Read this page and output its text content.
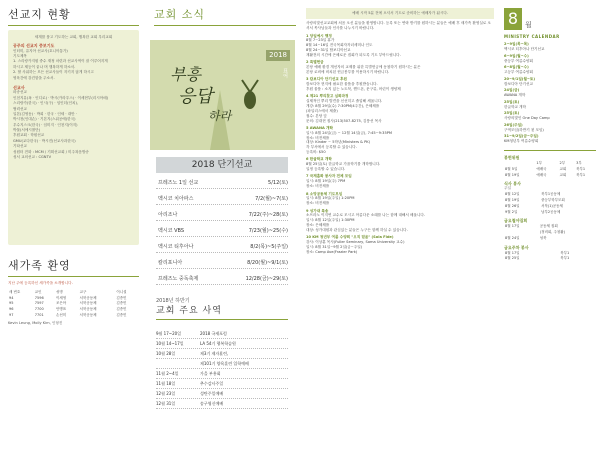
선교지 현황

세계를 품고 기도하는 교회, 행복한 교회 우리교회

공주의 선교지 중보기도
인터미, 유지아 선교사(호니아통가)
기도제목
1. 스리랑카지원 중수 재정 마련과 선교사역이 잘 이루어지게
하시고 제등이 끝나 며 행복하게 하소서.
2. 딸 사위하는 모든 선교사들이 지키지 않게 하시고
영육간에 강건함을 주소서.
선교사
파송선교
인천지유(폭 · 인디로) · 박시(카라우스) · 이세현부(리시아메)
스리랑카(한국) · 인시(구) · 임인더(인치),
협력선교
일본(김영동) · 박희 · 한국 · 인세 · 대만 ·
박시천(인대손) · 기본지(스위공에(한국)
우수지스크(한국) · 임미지 · 인천지(이지)
박물(서에시찰단)
후원교회 · 학원선교
GMU(교다한국) · 박시진(선교사과한국)
기타선교
성원터 전화 : MCM / 기획선교회 / 미주복음방송
성서 교의선교 : CGNTV
새가족 환영
지난 주에 등록하신 새가족을 소개합니다.
새 번호	교인	성명	교구	이니셜
94	7596	이세영	서북공동체	김종민
95	7597	조은아	서북공동체	김종민
96	7700	안병표	서북공동체	김종민
97	7701	손선미	서북공동체	김종민
Kevin Leung, Molly Kim, 인형진
교회 소식
부흥
응답
하라
2018
표어
2018 단기선교
프레즈노 1일 선교	5/12(토)
멕시코 치아파스	7/2(월)~7(토)
아리조나	7/22(주)~28(토)
멕시코 VBS	7/23(월)~25(수)
멕시코 티후아나	8/2(목)~5(주일)
칼리포니아	8/20(월)~9/1(토)
프레즈노 중독축제	12/28(금)~29(토)
2018년 하반기
교회 주요 사역
9월 17~20일	2018 국제포럼
10월 14~17일	LA 54기 행복학습원
10월 28일	제3기 제자훈련,
제101기 양육훈련 입학예배
11월 2~4일	가을 부흥회
11월 18일	추수감사주일
12월 23일	성탄주일예배
12월 31일	송구영신예배
예배 시작 5분 전에 오셔서 기도로 준비하는 예배자가 됩시다.

사랑의빛선교교회에 처음 오신 분들을 환영합니다. 등록 또는 연락 받기를 원하시는 분들은 예배 후 새가족 환영실로 오셔서 목사님들과 인사를 나누시기 바랍니다.

1 당일예시 행정
8월 7~23일 휴가
8월 14~16일 전국목회자자녀세미나 인도
8월 24~31일 합보디아선교
재활전의 시간에 은혜로운 집회가 되도록 기도 부탁드립니다.
2 특별헌금
본당 예배 환경 개선자의 교제를 위한 특별헌금에 동참하기 원하시는 분은
본당 로비에 비치된 헌금봉투를 이용하시기 바랍니다.
3 캄보디아 단기선교 후원
캄보디아 현지에 필요한 물품을 후원받습니다.
후원 물품 : 소지 있는 노트북, 핸드폰, 문구류, 어린이 생양제
4 제21 뿌리찾고 심화과정
실제적인 뿌리 발견을 신선히고 졸업해 세웁니다.
개강: 8월 29일(수) 7:30PM(4주간), 은혜채플
(파일리스에서 제출)
접수: 본당 앞
문의: 김대현 집사(213)507-8275, 김풍선 목사
5 AWANA 개학
일시: 8월 24일(금) ~ 12월 14일(금), 7:45~9:35PM
장소: 비전채플
대상: Kinder ~ 5학년(Ministers & PK)
각 부서에서 등록할 수 있습니다.
등록비: $50
6 한글학교 개학
8월 25일(토) 한글학교 가을학기를 개학합니다.
일정 등록할 수 있습니다.
7 국제흡화 봉사자 전체 모임
일시: 8월 19일(주) 7PM
장소: 비전채플
8 소망공동체 기도모임
일시: 8월 19일(주일) 1:20PM
장소: 비전채플
9 성가대 특송
소프라노 이지연 교수로 모시고 아름다운 소래를 나는 함께 대해서 배웁니다.
일시: 8월 12일(주일) 1:30PM
장소: 은혜채플
대상: 성가대원과 관심있는 분들은 누구든 함께 하실 수 있습니다.
10 KM 청년부 여름 수양회 "오직 믿음" (Sola Fide)
강사: 이상훈 목사(Fuller Seminary, Soma University 교수)
일시: 8월 31일~9월 2일(금~주일)
장소: Camp Ave(Frazier Park)
8 월
MINISTRY CALENDAR
2~9일(목~목)
멕시코 티후아나 단기선교
6~9일(월~수)
중등부 여름수양회
6~8일(월~수)
고등부 여름수양회
20~9/1일(월~토)
캄보디아 단기선교
24일(금)
AWANA 개학
25일(토)
한글학교 개학
25일(토)
사랑의빛인 One Day Camp
26일(주일)
구역모임(하반기 첫 모임)
31~9/2일(금~주일)
KM청년부 여름수양회
봉헌위원
	1부	2부	3부
8월 5일	예배국	교회	북부1
8월 19일	예배국	교회	북부1
식사 봉사
주일
8월 12일	북부1공동체
8월 19일	중등부학부모회
8월 26일	서북(1)공동체
9월 2일	남부2공동체
금요철야집회
8월 17일	공동체 집회
	(정비회, 주청활)
8월 24일	성북
금요주차 봉사
8월 17일	북부1
8월 25일	북부1
